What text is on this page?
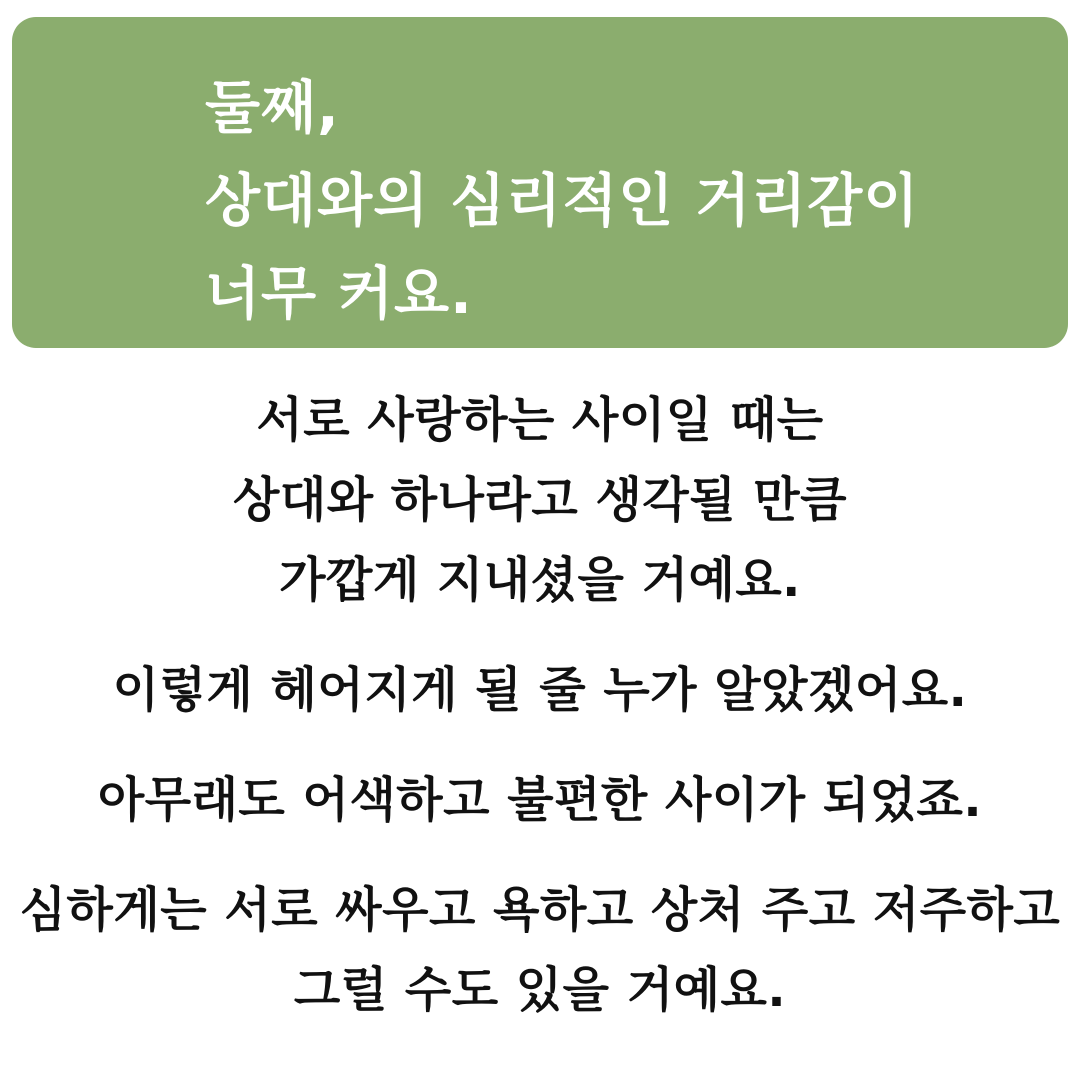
둘째,
상대와의 심리적인 거리감이
너무 커요.

서로 사랑하는 사이일 때는
상대와 하나라고 생각될 만큼
가깝게 지내셨을 거예요.

이렇게 헤어지게 될 줄 누가 알았겠어요.

아무래도 어색하고 불편한 사이가 되었죠.

심하게는 서로 싸우고 욕하고 상처 주고 저주하고
그럴 수도 있을 거예요.
